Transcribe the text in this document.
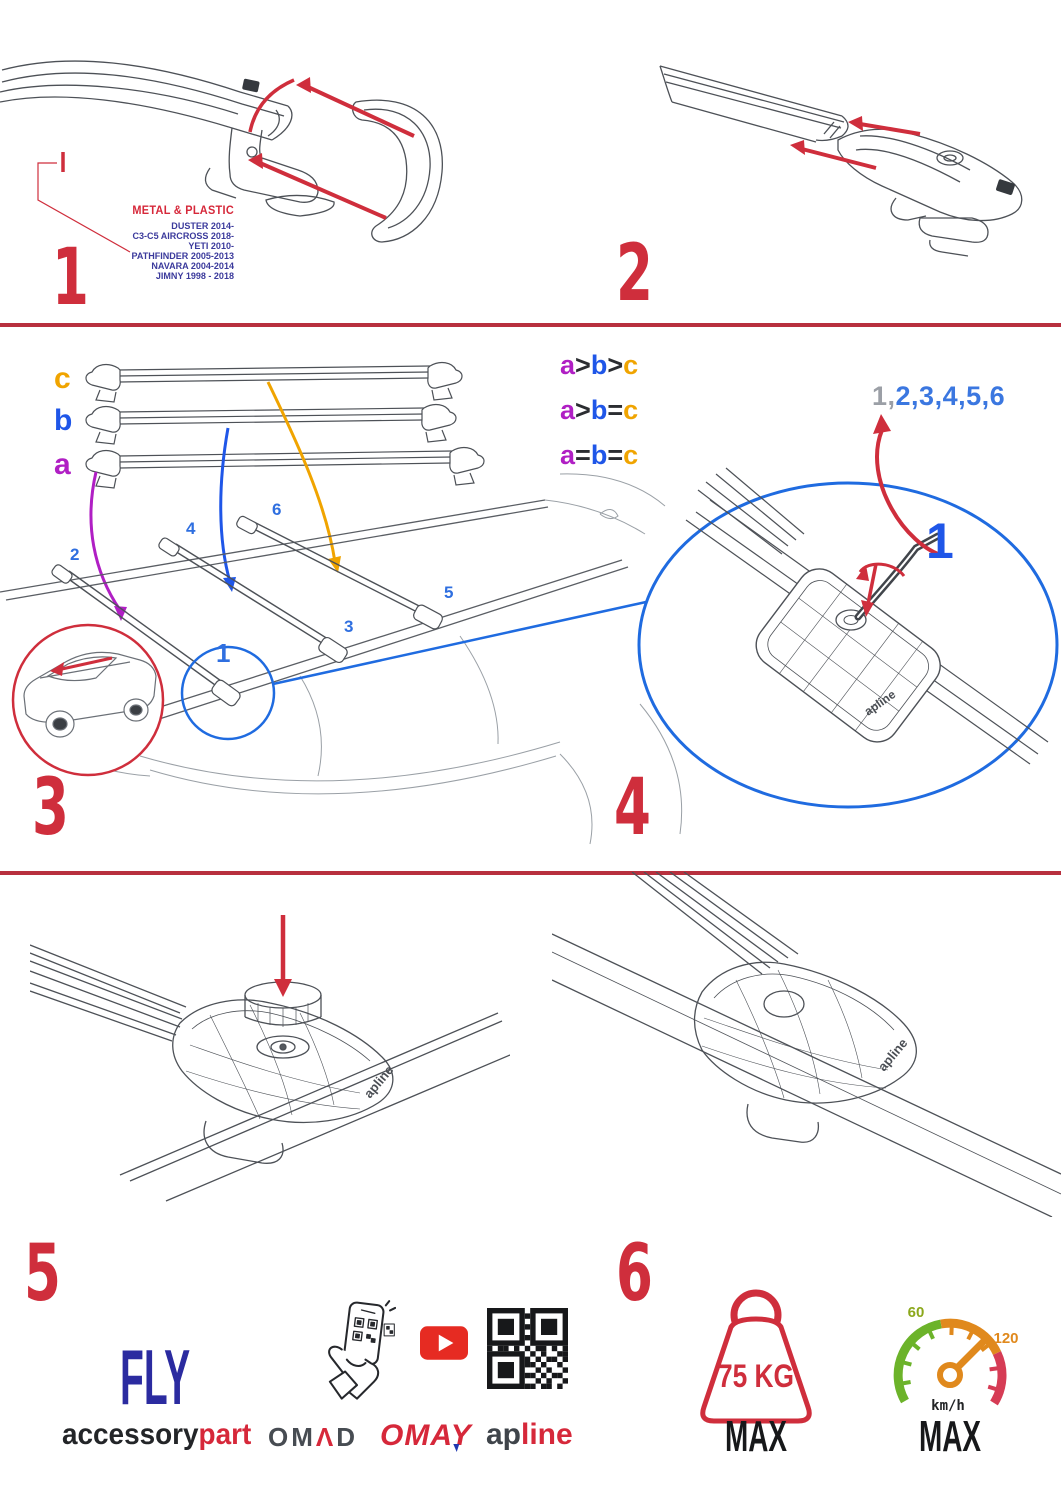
METAL & PLASTIC
DUSTER 2014-
C3-C5 AIRCROSS 2018-
YETI 2010-
PATHFINDER 2005-2013
NAVARA 2004-2014
JIMNY 1998 - 2018
1	2
apline
c
b
a
a>b>c
a>b=c
a=b=c
1,2,3,4,5,6
2
4
6
3
5
1
1
3	4
apline
apline
5	6
FLY
accessorypart OMΛD OMAY apline
75 KG
MAX
60
120
km/h
MAX
